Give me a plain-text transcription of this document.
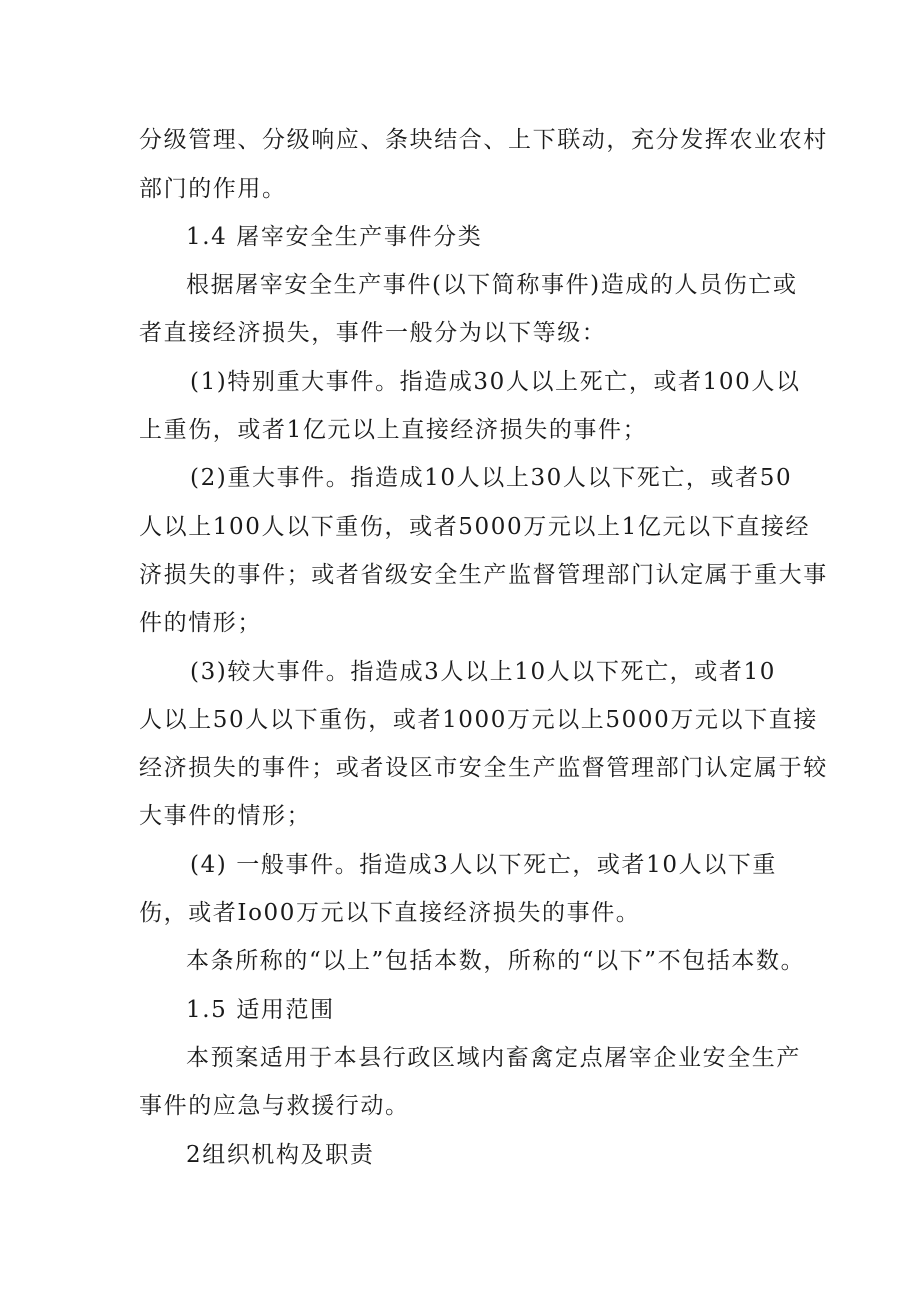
分级管理、分级响应、条块结合、上下联动，充分发挥农业农村
部门的作用。
1.4 屠宰安全生产事件分类
根据屠宰安全生产事件(以下简称事件)造成的人员伤亡或
者直接经济损失，事件一般分为以下等级：
(1)特别重大事件。指造成30人以上死亡，或者100人以
上重伤，或者1亿元以上直接经济损失的事件；
(2)重大事件。指造成10人以上30人以下死亡，或者50
人以上100人以下重伤，或者5000万元以上1亿元以下直接经
济损失的事件；或者省级安全生产监督管理部门认定属于重大事
件的情形；
(3)较大事件。指造成3人以上10人以下死亡，或者10
人以上50人以下重伤，或者1000万元以上5000万元以下直接
经济损失的事件；或者设区市安全生产监督管理部门认定属于较
大事件的情形；
(4) 一般事件。指造成3人以下死亡，或者10人以下重
伤，或者Io00万元以下直接经济损失的事件。
本条所称的“以上”包括本数，所称的“以下”不包括本数。
1.5 适用范围
本预案适用于本县行政区域内畜禽定点屠宰企业安全生产
事件的应急与救援行动。
2组织机构及职责
